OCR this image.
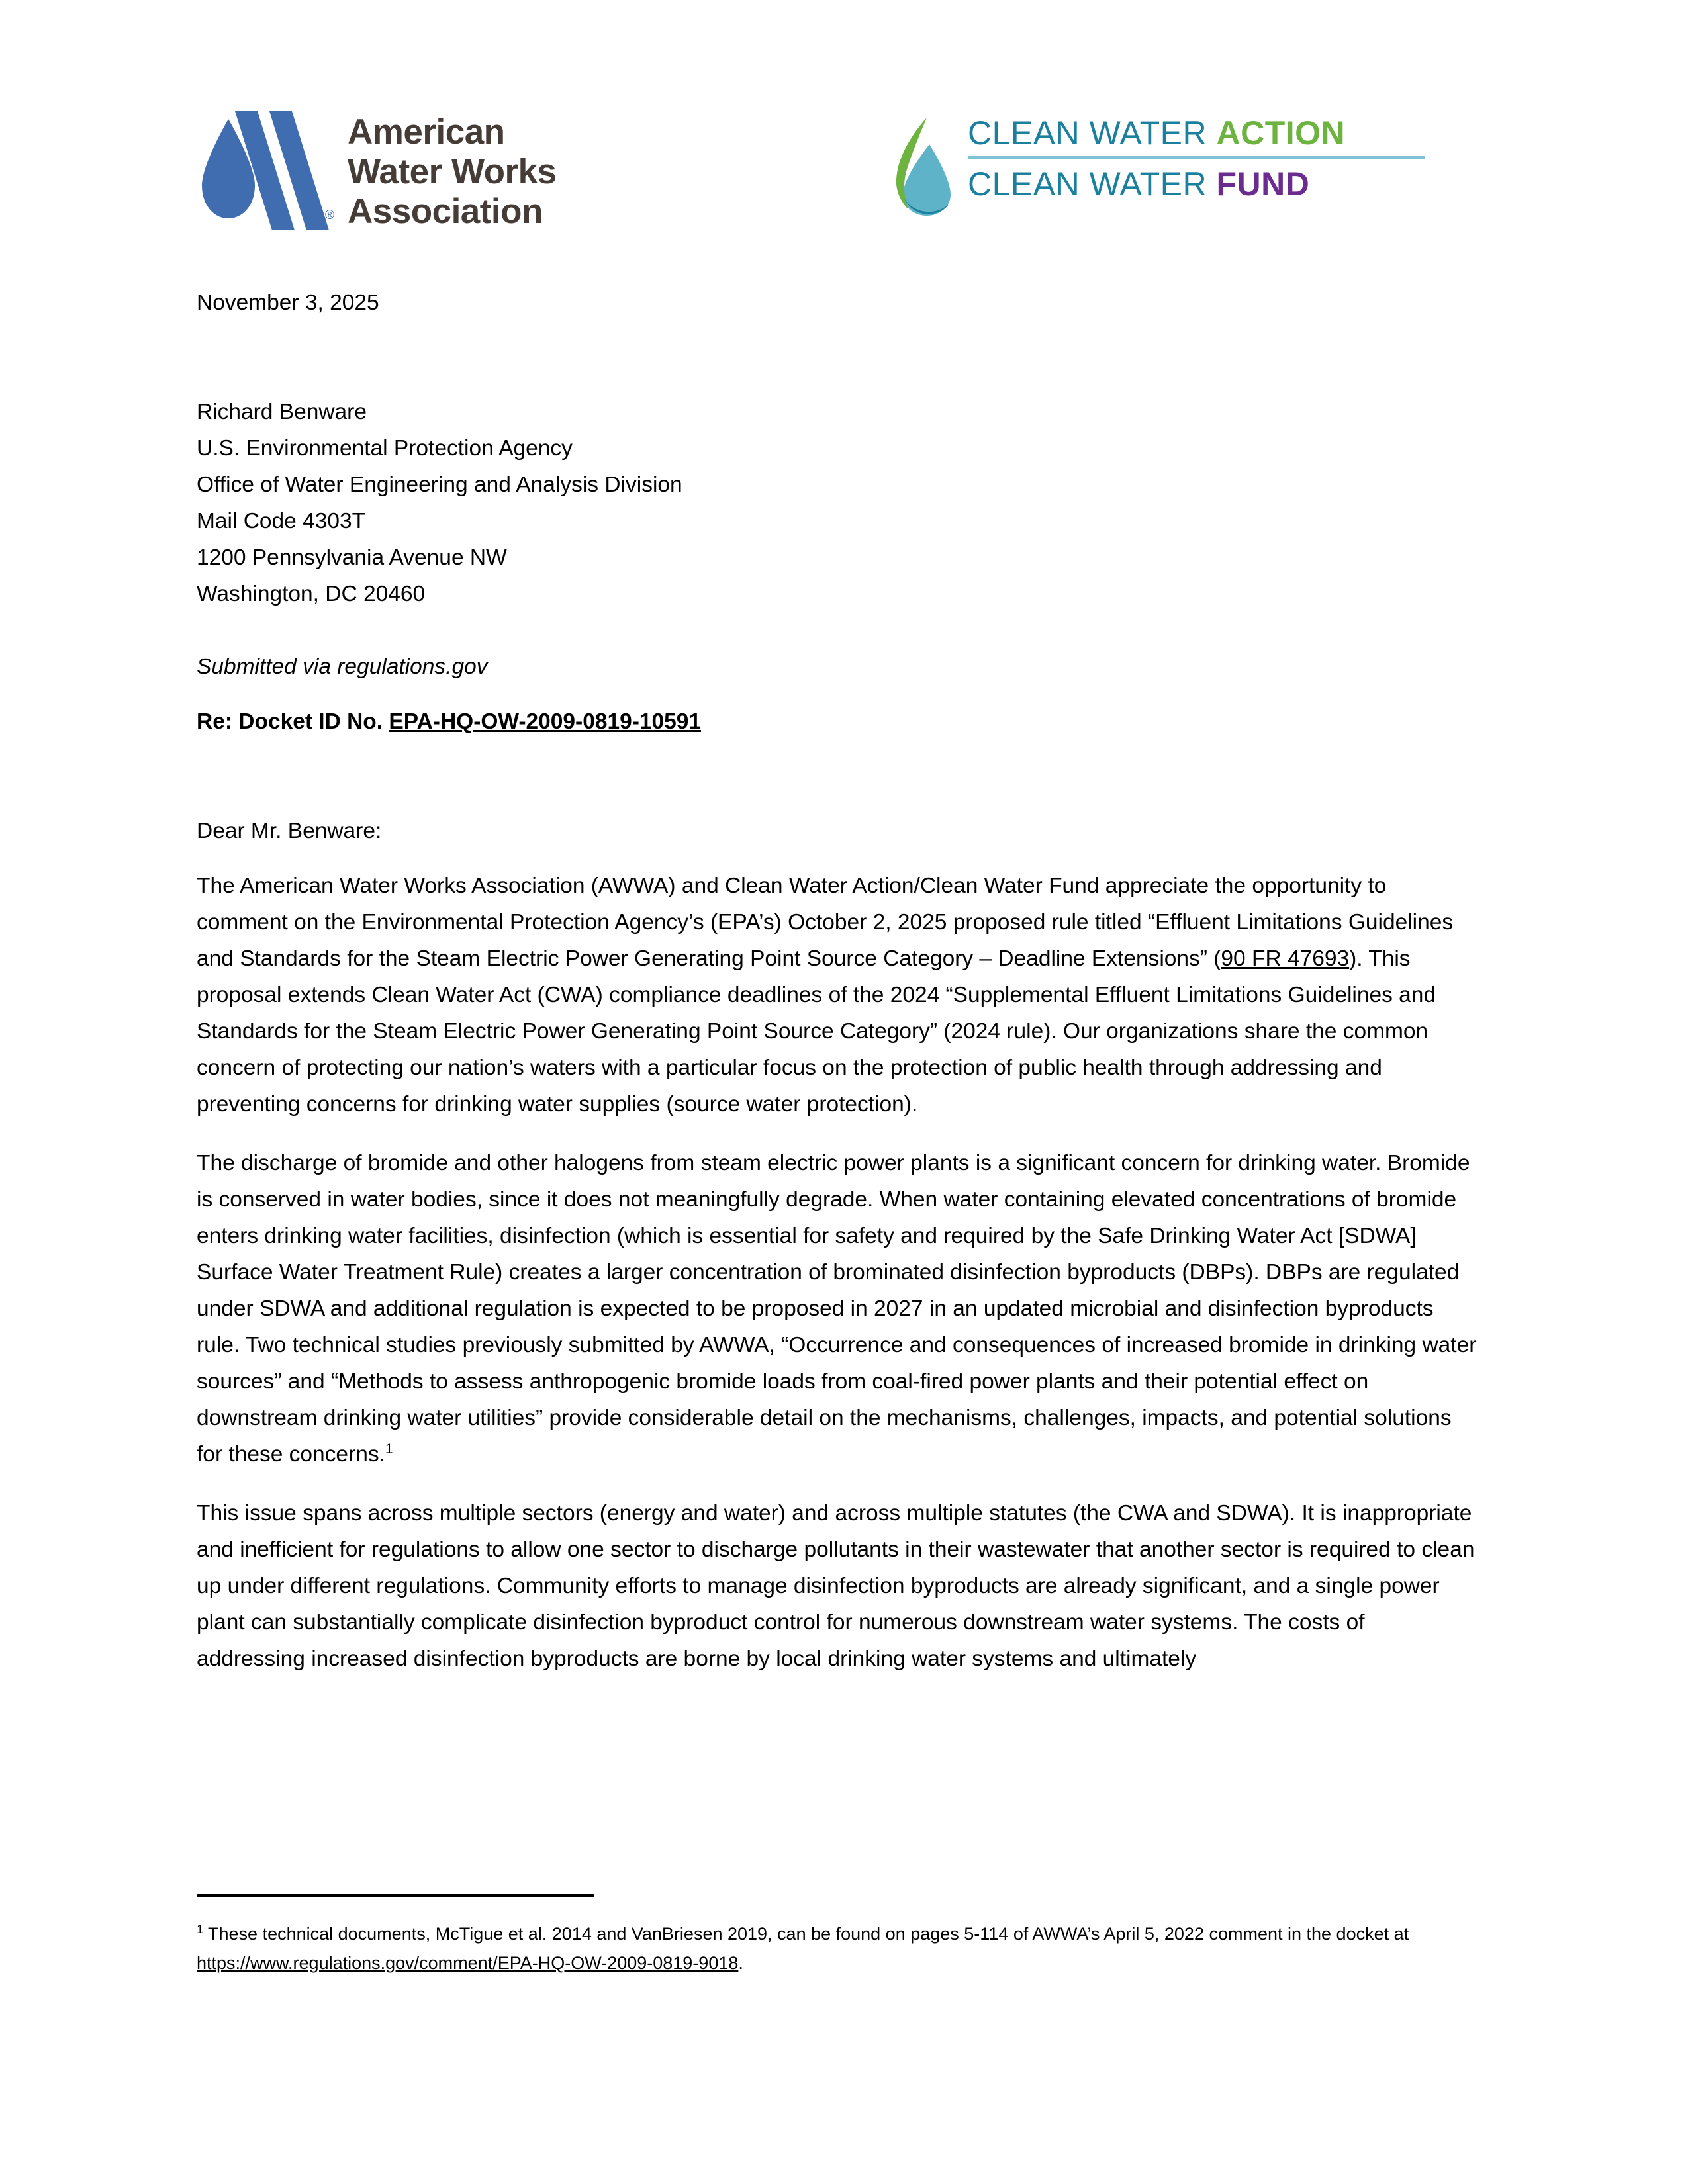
®
American
Water Works
Association
CLEAN WATER ACTION
CLEAN WATER FUND
November 3, 2025
Richard Benware
U.S. Environmental Protection Agency
Office of Water Engineering and Analysis Division
Mail Code 4303T
1200 Pennsylvania Avenue NW
Washington, DC 20460
Submitted via regulations.gov
Re: Docket ID No. EPA-HQ-OW-2009-0819-10591
Dear Mr. Benware:

The American Water Works Association (AWWA) and Clean Water Action/Clean Water Fund appreciate the opportunity to comment on the Environmental Protection Agency’s (EPA’s) October 2, 2025 proposed rule titled “Effluent Limitations Guidelines and Standards for the Steam Electric Power Generating Point Source Category – Deadline Extensions” (90 FR 47693). This proposal extends Clean Water Act (CWA) compliance deadlines of the 2024 “Supplemental Effluent Limitations Guidelines and Standards for the Steam Electric Power Generating Point Source Category” (2024 rule). Our organizations share the common concern of protecting our nation’s waters with a particular focus on the protection of public health through addressing and preventing concerns for drinking water supplies (source water protection).

The discharge of bromide and other halogens from steam electric power plants is a significant concern for drinking water. Bromide is conserved in water bodies, since it does not meaningfully degrade. When water containing elevated concentrations of bromide enters drinking water facilities, disinfection (which is essential for safety and required by the Safe Drinking Water Act [SDWA] Surface Water Treatment Rule) creates a larger concentration of brominated disinfection byproducts (DBPs). DBPs are regulated under SDWA and additional regulation is expected to be proposed in 2027 in an updated microbial and disinfection byproducts rule. Two technical studies previously submitted by AWWA, “Occurrence and consequences of increased bromide in drinking water sources” and “Methods to assess anthropogenic bromide loads from coal-fired power plants and their potential effect on downstream drinking water utilities” provide considerable detail on the mechanisms, challenges, impacts, and potential solutions for these concerns.$^1$

This issue spans across multiple sectors (energy and water) and across multiple statutes (the CWA and SDWA). It is inappropriate and inefficient for regulations to allow one sector to discharge pollutants in their wastewater that another sector is required to clean up under different regulations. Community efforts to manage disinfection byproducts are already significant, and a single power plant can substantially complicate disinfection byproduct control for numerous downstream water systems. The costs of addressing increased disinfection byproducts are borne by local drinking water systems and ultimately

$^1$ These technical documents, McTigue et al. 2014 and VanBriesen 2019, can be found on pages 5-114 of AWWA’s April 5, 2022 comment in the docket at https://www.regulations.gov/comment/EPA-HQ-OW-2009-0819-9018.
